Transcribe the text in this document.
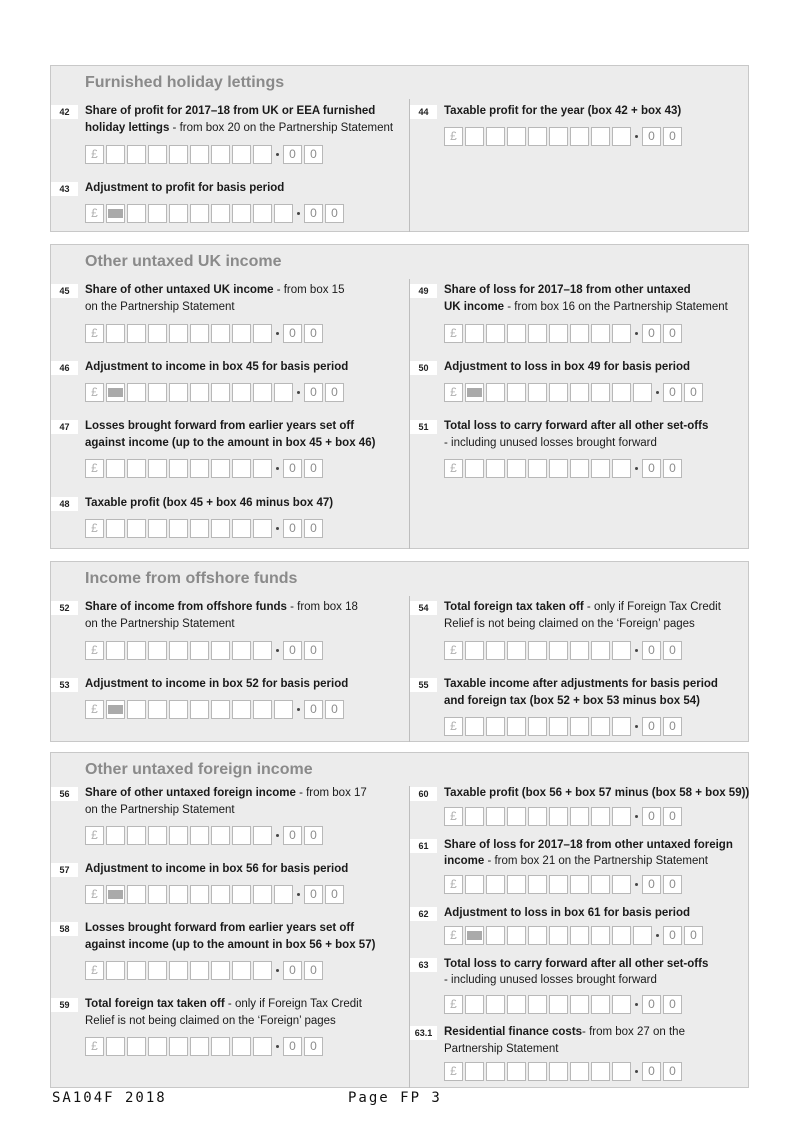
Furnished holiday lettings
42	Share of profit for 2017–18 from UK or EEA furnished
holiday lettings - from box 20 on the Partnership Statement
£	0	0
43	Adjustment to profit for basis period
£	0	0
44	Taxable profit for the year (box 42 + box 43)
£	0	0
Other untaxed UK income
45	Share of other untaxed UK income - from box 15
on the Partnership Statement
£	0	0
46	Adjustment to income in box 45 for basis period
£	0	0
47	Losses brought forward from earlier years set off
against income (up to the amount in box 45 + box 46)
£	0	0
48	Taxable profit (box 45 + box 46 minus box 47)
£	0	0
49	Share of loss for 2017–18 from other untaxed
UK income - from box 16 on the Partnership Statement
£	0	0
50	Adjustment to loss in box 49 for basis period
£	0	0
51	Total loss to carry forward after all other set-offs
- including unused losses brought forward
£	0	0
Income from offshore funds
52	Share of income from offshore funds - from box 18
on the Partnership Statement
£	0	0
53	Adjustment to income in box 52 for basis period
£	0	0
54	Total foreign tax taken off - only if Foreign Tax Credit
Relief is not being claimed on the ‘Foreign’ pages
£	0	0
55	Taxable income after adjustments for basis period
and foreign tax (box 52 + box 53 minus box 54)
£	0	0
Other untaxed foreign income
56	Share of other untaxed foreign income - from box 17
on the Partnership Statement
£	0	0
57	Adjustment to income in box 56 for basis period
£	0	0
58	Losses brought forward from earlier years set off
against income (up to the amount in box 56 + box 57)
£	0	0
59	Total foreign tax taken off - only if Foreign Tax Credit
Relief is not being claimed on the ‘Foreign’ pages
£	0	0
60	Taxable profit (box 56 + box 57 minus (box 58 + box 59))
£	0	0
61	Share of loss for 2017–18 from other untaxed foreign
income - from box 21 on the Partnership Statement
£	0	0
62	Adjustment to loss in box 61 for basis period
£	0	0
63	Total loss to carry forward after all other set-offs
- including unused losses brought forward
£	0	0
63.1	Residential finance costs- from box 27 on the
Partnership Statement
£	0	0
SA104F 2018	Page FP 3
